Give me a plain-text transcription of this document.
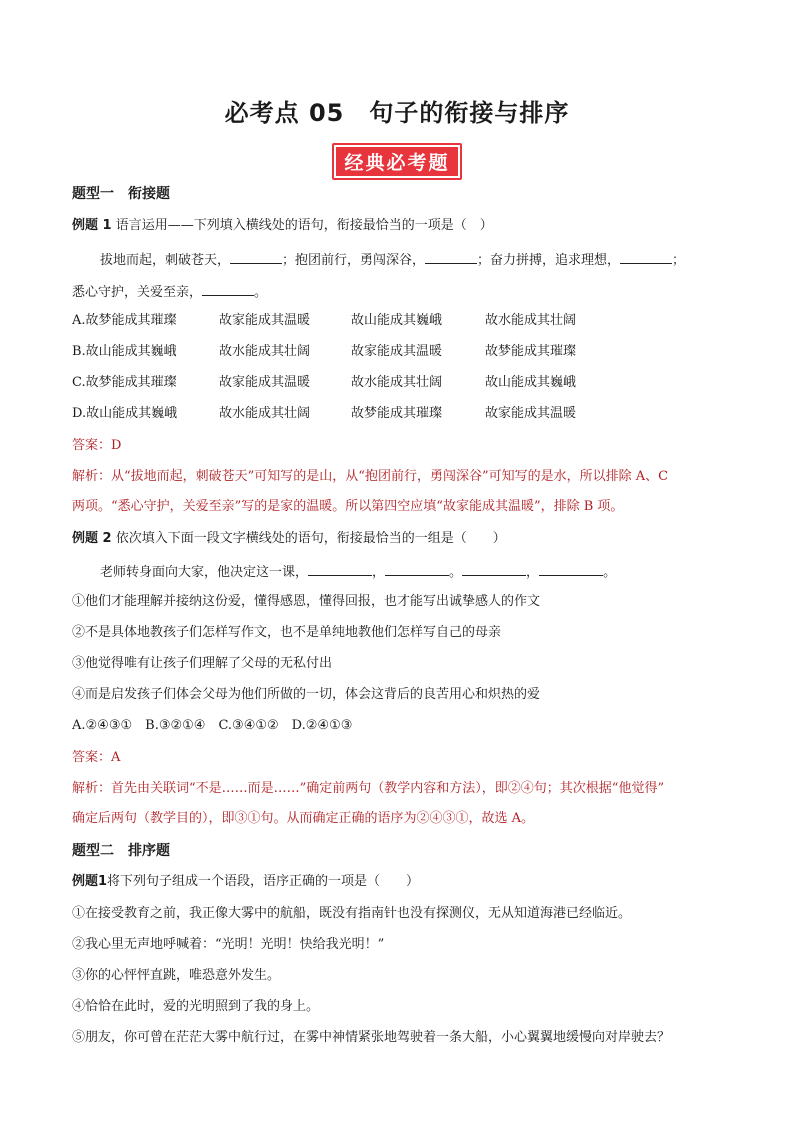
必考点 05　句子的衔接与排序
经典必考题
题型一　衔接题
例题 1 语言运用——下列填入横线处的语句，衔接最恰当的一项是（　）
拔地而起，刺破苍天，	；抱团前行，勇闯深谷，	；奋力拼搏，追求理想，	；
悉心守护，关爱至亲，	。
A.故梦能成其璀璨	故家能成其温暖	故山能成其巍峨	故水能成其壮阔
B.故山能成其巍峨	故水能成其壮阔	故家能成其温暖	故梦能成其璀璨
C.故梦能成其璀璨	故家能成其温暖	故水能成其壮阔	故山能成其巍峨
D.故山能成其巍峨	故水能成其壮阔	故梦能成其璀璨	故家能成其温暖
答案：D
解析：从“拔地而起，刺破苍天”可知写的是山，从“抱团前行，勇闯深谷”可知写的是水，所以排除 A、C
两项。“悉心守护，关爱至亲”写的是家的温暖。所以第四空应填“故家能成其温暖”，排除 B 项。
例题 2 依次填入下面一段文字横线处的语句，衔接最恰当的一组是（　　）
老师转身面向大家，他决定这一课，	，	。	，	。
①他们才能理解并接纳这份爱，懂得感恩，懂得回报，也才能写出诚挚感人的作文
②不是具体地教孩子们怎样写作文，也不是单纯地教他们怎样写自己的母亲
③他觉得唯有让孩子们理解了父母的无私付出
④而是启发孩子们体会父母为他们所做的一切，体会这背后的良苦用心和炽热的爱
A.②④③①　B.③②①④　C.③④①②　D.②④①③
答案：A
解析：首先由关联词“不是……而是……”确定前两句（教学内容和方法），即②④句；其次根据“他觉得”
确定后两句（教学目的），即③①句。从而确定正确的语序为②④③①，故选 A。
题型二　排序题
例题1将下列句子组成一个语段，语序正确的一项是（　　）
①在接受教育之前，我正像大雾中的航船，既没有指南针也没有探测仪，无从知道海港已经临近。
②我心里无声地呼喊着：“光明！光明！快给我光明！”
③你的心怦怦直跳，唯恐意外发生。
④恰恰在此时，爱的光明照到了我的身上。
⑤朋友，你可曾在茫茫大雾中航行过，在雾中神情紧张地驾驶着一条大船，小心翼翼地缓慢向对岸驶去？
